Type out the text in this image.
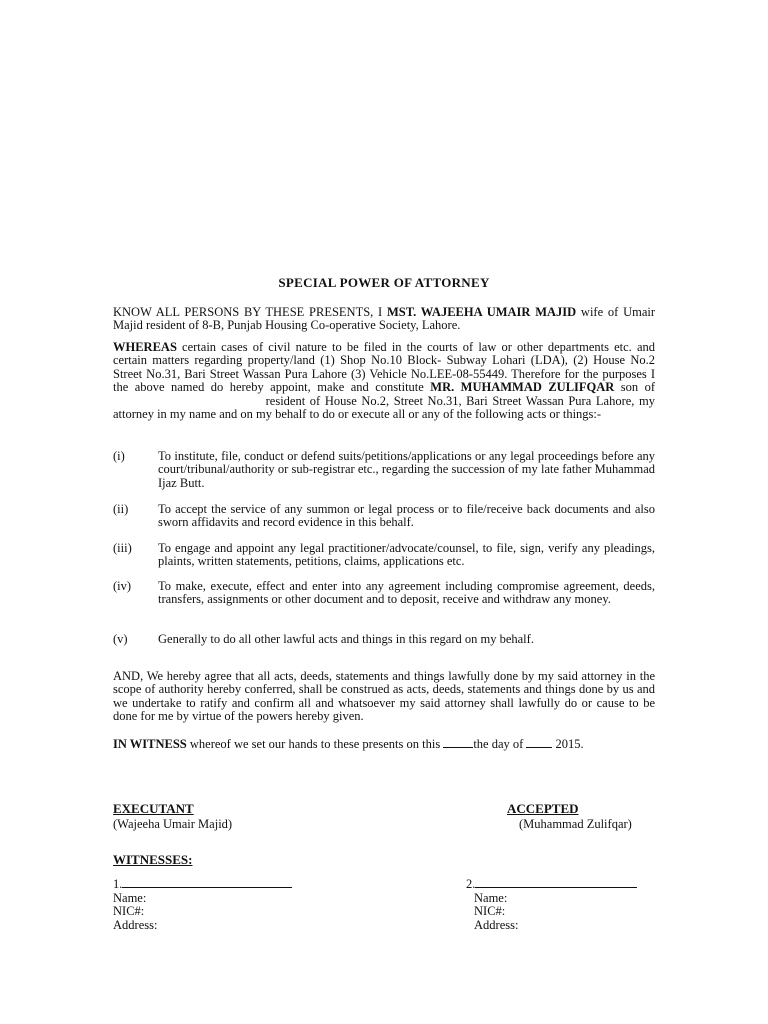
SPECIAL POWER OF ATTORNEY
KNOW ALL PERSONS BY THESE PRESENTS, I MST. WAJEEHA UMAIR MAJID wife of Umair Majid resident of 8-B, Punjab Housing Co-operative Society, Lahore.
WHEREAS certain cases of civil nature to be filed in the courts of law or other departments etc. and certain matters regarding property/land (1) Shop No.10 Block- Subway Lohari (LDA), (2) House No.2 Street No.31, Bari Street Wassan Pura Lahore (3) Vehicle No.LEE-08-55449. Therefore for the purposes I the above named do hereby appoint, make and constitute MR. MUHAMMAD ZULIFQAR son of  resident of House No.2, Street No.31, Bari Street Wassan Pura Lahore, my attorney in my name and on my behalf to do or execute all or any of the following acts or things:-
(i)	To institute, file, conduct or defend suits/petitions/applications or any legal proceedings before any court/tribunal/authority or sub-registrar etc., regarding the succession of my late father Muhammad Ijaz Butt.
(ii)	To accept the service of any summon or legal process or to file/receive back documents and also sworn affidavits and record evidence in this behalf.
(iii)	To engage and appoint any legal practitioner/advocate/counsel, to file, sign, verify any pleadings, plaints, written statements, petitions, claims, applications etc.
(iv)	To make, execute, effect and enter into any agreement including compromise agreement, deeds, transfers, assignments or other document and to deposit, receive and withdraw any money.
(v)	Generally to do all other lawful acts and things in this regard on my behalf.
AND, We hereby agree that all acts, deeds, statements and things lawfully done by my said attorney in the scope of authority hereby conferred, shall be construed as acts, deeds, statements and things done by us and we undertake to ratify and confirm all and whatsoever my said attorney shall lawfully do or cause to be done for me by virtue of the powers hereby given.
IN WITNESS whereof we set our hands to these presents on this the day of  2015.
EXECUTANT
(Wajeeha Umair Majid)
ACCEPTED
(Muhammad Zulifqar)
WITNESSES:
1.
Name:
NIC#:
Address:
2.
Name:
NIC#:
Address:
